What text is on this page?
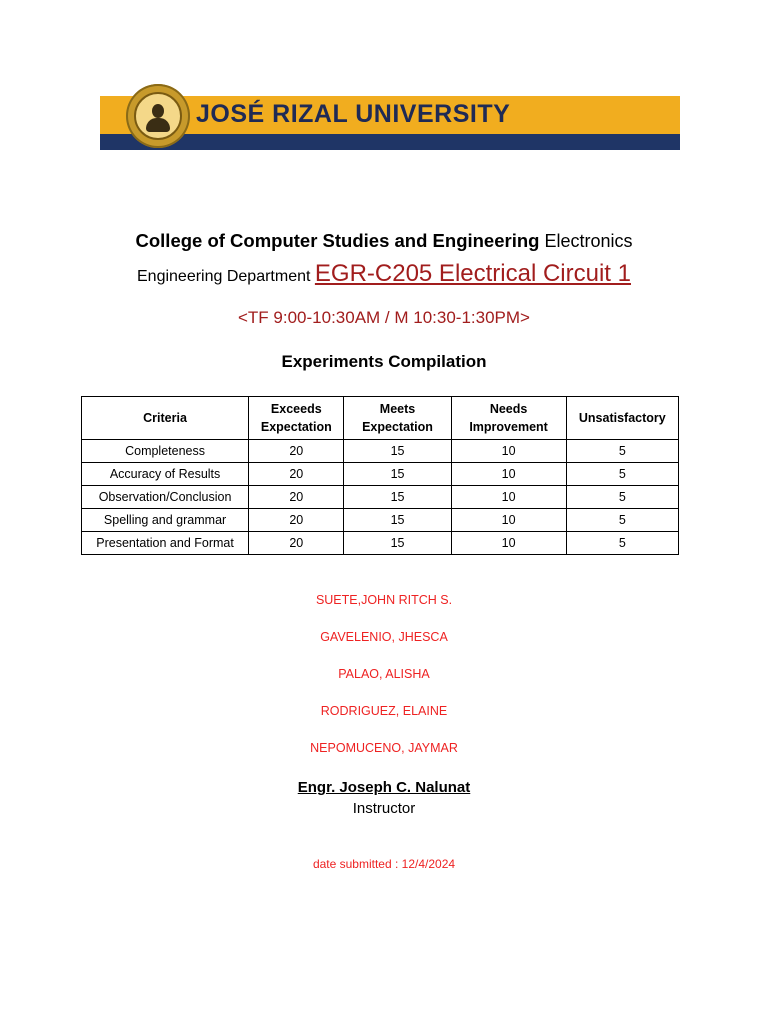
JOSÉ RIZAL UNIVERSITY
College of Computer Studies and Engineering Electronics
Engineering Department EGR-C205 Electrical Circuit 1
<TF 9:00-10:30AM / M 10:30-1:30PM>
Experiments Compilation
Criteria	Exceeds Expectation	Meets Expectation	Needs Improvement	Unsatisfactory
Completeness	20	15	10	5
Accuracy of Results	20	15	10	5
Observation/Conclusion	20	15	10	5
Spelling and grammar	20	15	10	5
Presentation and Format	20	15	10	5
SUETE,JOHN RITCH S.
GAVELENIO, JHESCA
PALAO, ALISHA
RODRIGUEZ, ELAINE
NEPOMUCENO, JAYMAR
Engr. Joseph C. Nalunat
Instructor
date submitted : 12/4/2024
